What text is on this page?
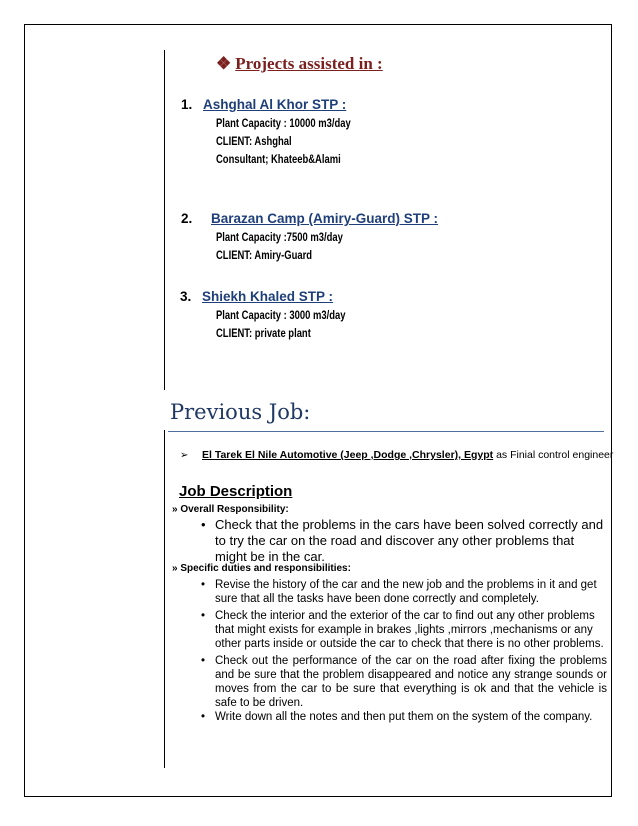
❖ Projects assisted in :
1. Ashghal Al Khor STP :
Plant Capacity : 10000 m3/day
CLIENT: Ashghal
Consultant; Khateeb&Alami
2. Barazan Camp (Amiry-Guard) STP :
Plant Capacity :7500 m3/day
CLIENT: Amiry-Guard
3. Shiekh Khaled STP :
Plant Capacity : 3000 m3/day
CLIENT: private plant
Previous Job:
➢ El Tarek El Nile Automotive (Jeep ,Dodge ,Chrysler), Egypt as Finial control engineer
Job Description
» Overall Responsibility:
• Check that the problems in the cars have been solved correctly and to try the car on the road and discover any other problems that might be in the car.
» Specific duties and responsibilities:
• Revise the history of the car and the new job and the problems in it and get sure that all the tasks have been done correctly and completely.
• Check the interior and the exterior of the car to find out any other problems that might exists for example in brakes ,lights ,mirrors ,mechanisms or any other parts inside or outside the car to check that there is no other problems.
• Check out the performance of the car on the road after fixing the problems and be sure that the problem disappeared and notice any strange sounds or moves from the car to be sure that everything is ok and that the vehicle is safe to be driven.
• Write down all the notes and then put them on the system of the company.
